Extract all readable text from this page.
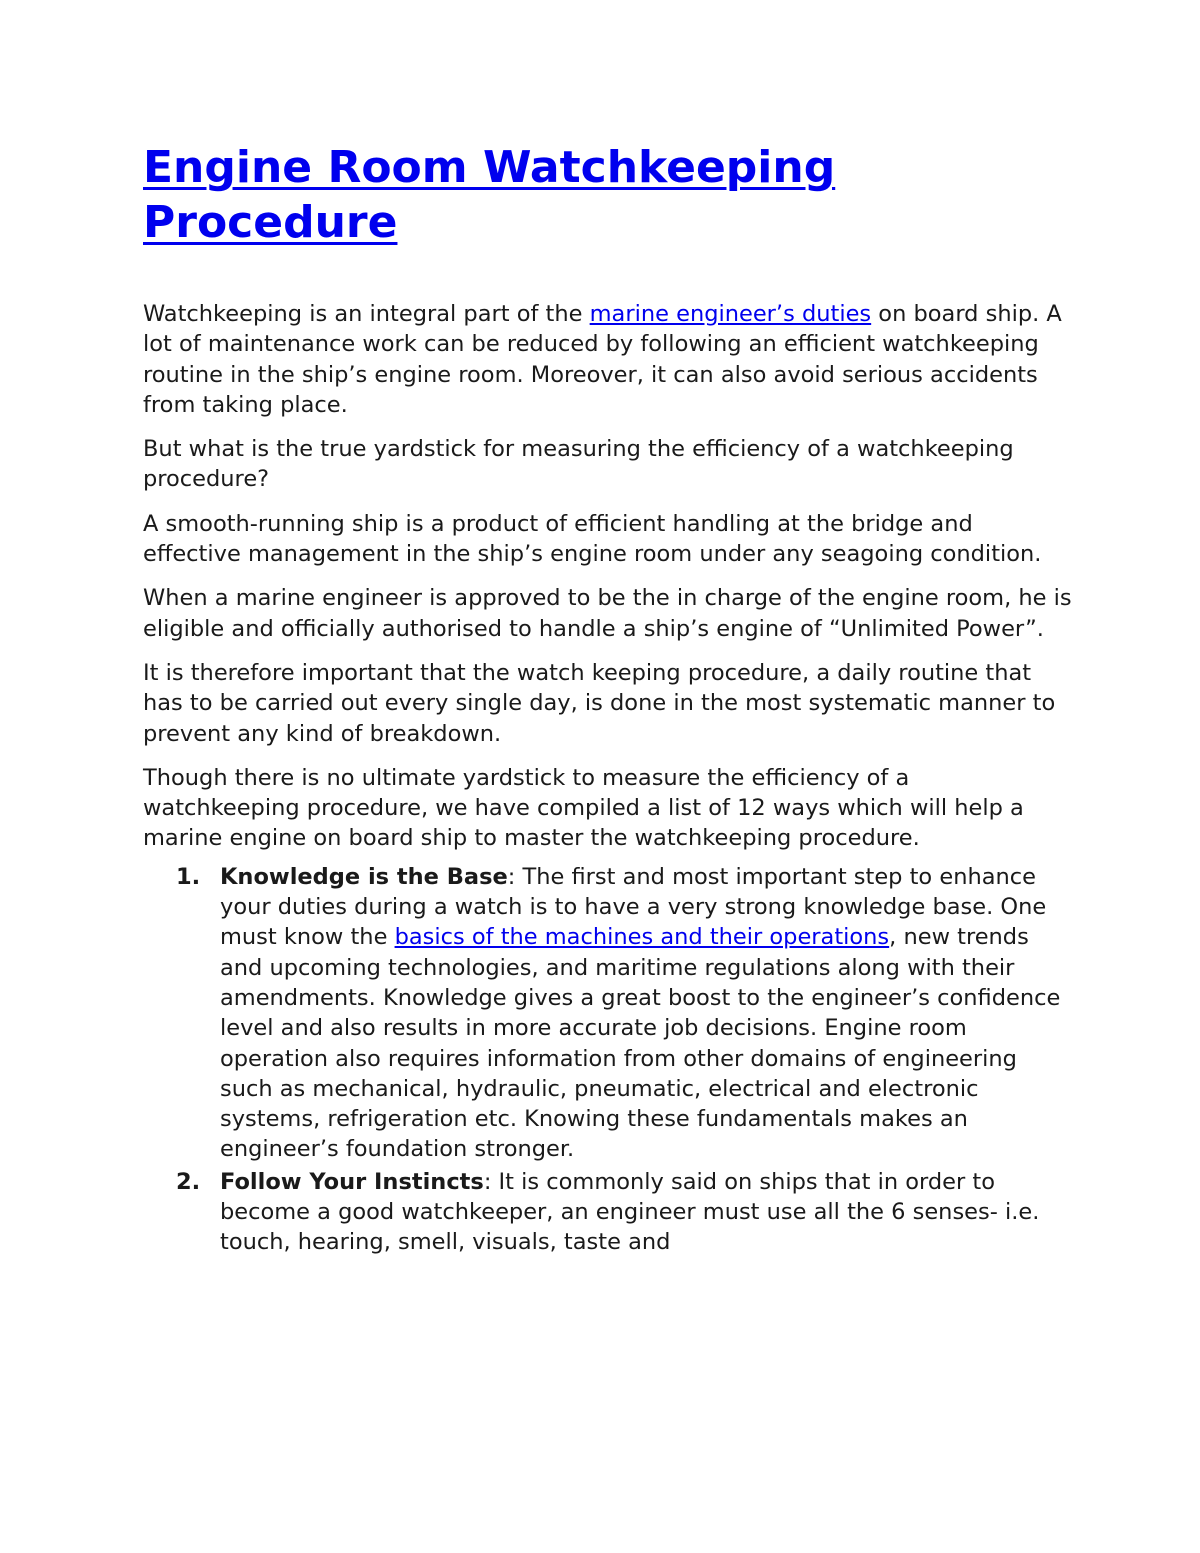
Engine Room Watchkeeping Procedure

Watchkeeping is an integral part of the marine engineer’s duties on board ship. A lot of maintenance work can be reduced by following an efficient watchkeeping routine in the ship’s engine room. Moreover, it can also avoid serious accidents from taking place.

But what is the true yardstick for measuring the efficiency of a watchkeeping procedure?

A smooth-running ship is a product of efficient handling at the bridge and effective management in the ship’s engine room under any seagoing condition.

When a marine engineer is approved to be the in charge of the engine room, he is eligible and officially authorised to handle a ship’s engine of “Unlimited Power”.

It is therefore important that the watch keeping procedure, a daily routine that has to be carried out every single day, is done in the most systematic manner to prevent any kind of breakdown.

Though there is no ultimate yardstick to measure the efficiency of a watchkeeping procedure, we have compiled a list of 12 ways which will help a marine engine on board ship to master the watchkeeping procedure.

1. Knowledge is the Base: The first and most important step to enhance your duties during a watch is to have a very strong knowledge base. One must know the basics of the machines and their operations, new trends and upcoming technologies, and maritime regulations along with their amendments. Knowledge gives a great boost to the engineer’s confidence level and also results in more accurate job decisions. Engine room operation also requires information from other domains of engineering such as mechanical, hydraulic, pneumatic, electrical and electronic systems, refrigeration etc. Knowing these fundamentals makes an engineer’s foundation stronger.
2. Follow Your Instincts: It is commonly said on ships that in order to become a good watchkeeper, an engineer must use all the 6 senses- i.e. touch, hearing, smell, visuals, taste and
